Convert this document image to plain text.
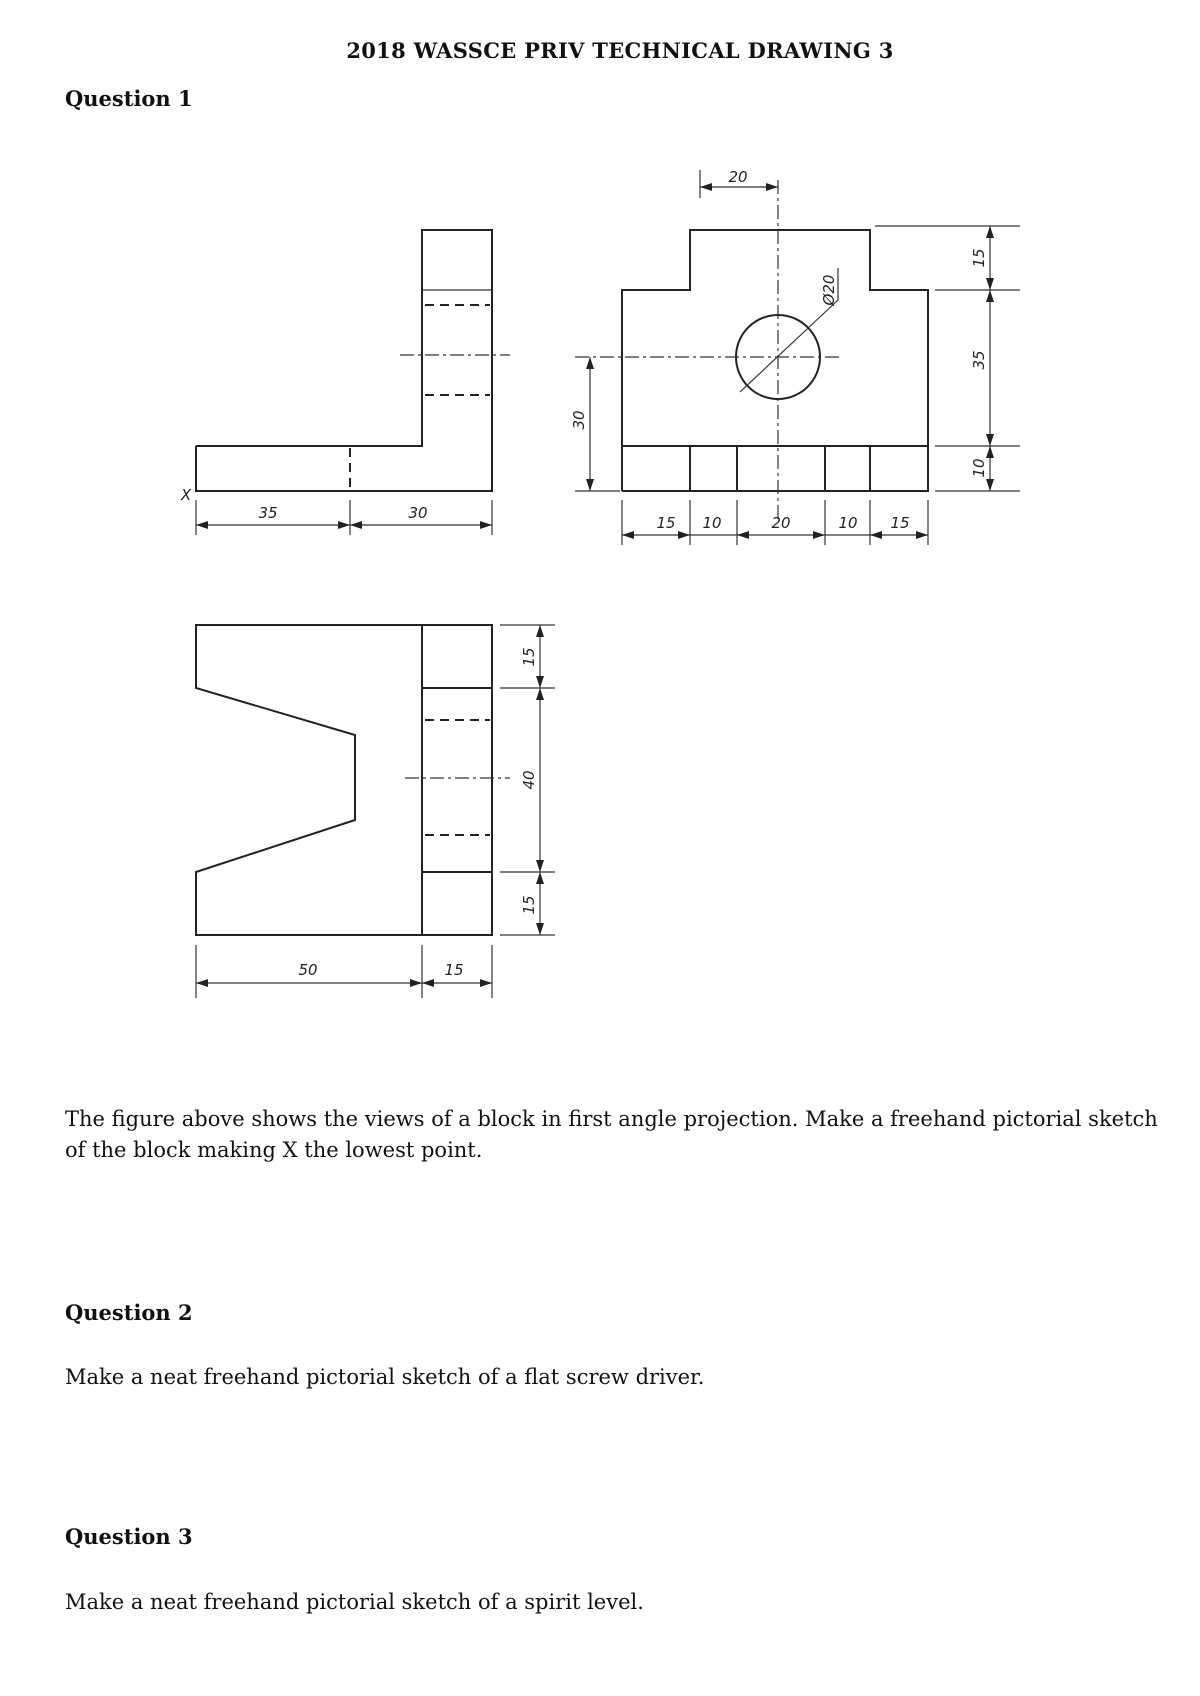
2018 WASSCE PRIV TECHNICAL DRAWING 3
Question 1
X
35	30
Ø20
20
30
15
35
10
15 10	20	10 15
15
40
15
50	15
The figure above shows the views of a block in first angle projection. Make a freehand pictorial sketch of the block making X the lowest point.
Question 2
Make a neat freehand pictorial sketch of a flat screw driver.
Question 3
Make a neat freehand pictorial sketch of a spirit level.
